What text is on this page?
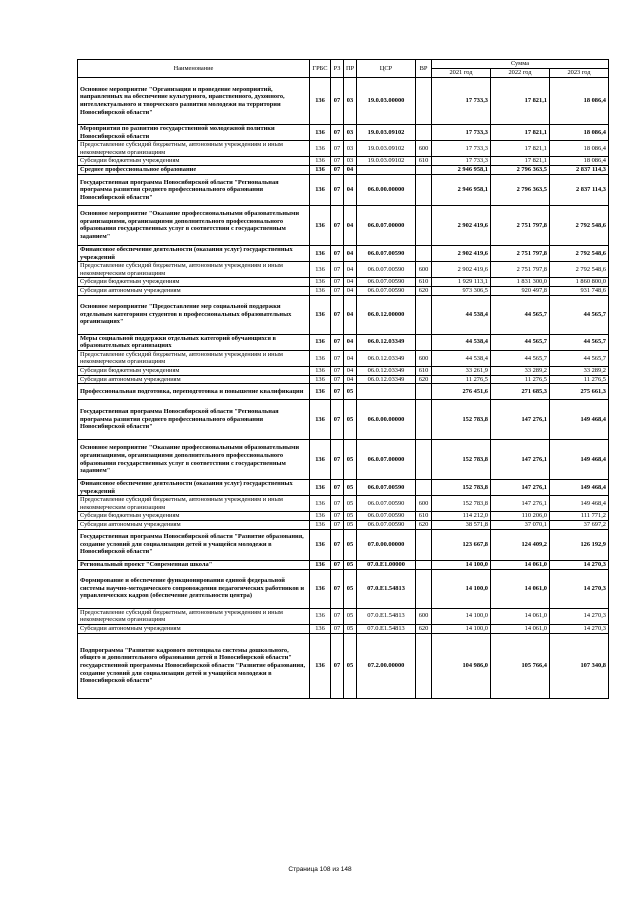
Наименование	ГРБС	РЗ	ПР	ЦСР	ВР	Сумма		
						2021 год	2022 год	2023 год
Основное мероприятие "Организация и проведение мероприятий, направленных на обеспечение культурного, нравственного, духовного, интеллектуального и творческого развития молодежи на территории Новосибирской области"	136	07	03	19.0.03.00000		17 733,3	17 821,1	18 086,4
Мероприятия по развитию государственной молодежной политики Новосибирской области	136	07	03	19.0.03.09102		17 733,3	17 821,1	18 086,4
Предоставление субсидий бюджетным, автономным учреждениям и иным некоммерческим организациям	136	07	03	19.0.03.09102	600	17 733,3	17 821,1	18 086,4
Субсидии бюджетным учреждениям	136	07	03	19.0.03.09102	610	17 733,3	17 821,1	18 086,4
Среднее профессиональное образование	136	07	04			2 946 958,1	2 796 363,5	2 837 114,3
Государственная программа Новосибирской области "Региональная программа развития среднего профессионального образования Новосибирской области"	136	07	04	06.0.00.00000		2 946 958,1	2 796 363,5	2 837 114,3
Основное мероприятие "Оказание профессиональными образовательными организациями, организациями дополнительного профессионального образования государственных услуг в соответствии с государственным заданием"	136	07	04	06.0.07.00000		2 902 419,6	2 751 797,8	2 792 548,6
Финансовое обеспечение деятельности (оказания услуг) государственных учреждений	136	07	04	06.0.07.00590		2 902 419,6	2 751 797,8	2 792 548,6
Предоставление субсидий бюджетным, автономным учреждениям и иным некоммерческим организациям	136	07	04	06.0.07.00590	600	2 902 419,6	2 751 797,8	2 792 548,6
Субсидии бюджетным учреждениям	136	07	04	06.0.07.00590	610	1 929 113,1	1 831 300,0	1 860 800,0
Субсидии автономным учреждениям	136	07	04	06.0.07.00590	620	973 306,5	920 497,8	931 748,6
Основное мероприятие "Предоставление мер социальной поддержки отдельным категориям студентов в профессиональных образовательных организациях"	136	07	04	06.0.12.00000		44 538,4	44 565,7	44 565,7
Меры социальной поддержки отдельных категорий обучающихся в образовательных организациях	136	07	04	06.0.12.03349		44 538,4	44 565,7	44 565,7
Предоставление субсидий бюджетным, автономным учреждениям и иным некоммерческим организациям	136	07	04	06.0.12.03349	600	44 538,4	44 565,7	44 565,7
Субсидии бюджетным учреждениям	136	07	04	06.0.12.03349	610	33 261,9	33 289,2	33 289,2
Субсидии автономным учреждениям	136	07	04	06.0.12.03349	620	11 276,5	11 276,5	11 276,5
Профессиональная подготовка, переподготовка и повышение квалификации	136	07	05			276 451,6	271 685,3	275 661,3
Государственная программа Новосибирской области "Региональная программа развития среднего профессионального образования Новосибирской области"	136	07	05	06.0.00.00000		152 783,8	147 276,1	149 468,4
Основное мероприятие "Оказание профессиональными образовательными организациями, организациями дополнительного профессионального образования государственных услуг в соответствии с государственным заданием"	136	07	05	06.0.07.00000		152 783,8	147 276,1	149 468,4
Финансовое обеспечение деятельности (оказания услуг) государственных учреждений	136	07	05	06.0.07.00590		152 783,8	147 276,1	149 468,4
Предоставление субсидий бюджетным, автономным учреждениям и иным некоммерческим организациям	136	07	05	06.0.07.00590	600	152 783,8	147 276,1	149 468,4
Субсидии бюджетным учреждениям	136	07	05	06.0.07.00590	610	114 212,0	110 206,0	111 771,2
Субсидии автономным учреждениям	136	07	05	06.0.07.00590	620	38 571,8	37 070,1	37 697,2
Государственная программа Новосибирской области "Развитие образования, создание условий для социализации детей и учащейся молодежи в Новосибирской области"	136	07	05	07.0.00.00000		123 667,8	124 409,2	126 192,9
Региональный проект "Современная школа"	136	07	05	07.0.E1.00000		14 100,0	14 061,0	14 270,3
Формирование и обеспечение функционирования единой федеральной системы научно-методического сопровождения педагогических работников и управленческих кадров (обеспечение деятельности центра)	136	07	05	07.0.E1.54813		14 100,0	14 061,0	14 270,3
Предоставление субсидий бюджетным, автономным учреждениям и иным некоммерческим организациям	136	07	05	07.0.E1.54813	600	14 100,0	14 061,0	14 270,3
Субсидии автономным учреждениям	136	07	05	07.0.E1.54813	620	14 100,0	14 061,0	14 270,3
Подпрограмма "Развитие кадрового потенциала системы дошкольного, общего и дополнительного образования детей в Новосибирской области" государственной программы Новосибирской области "Развитие образования, создание условий для социализации детей и учащейся молодежи в Новосибирской области"	136	07	05	07.2.00.00000		104 986,0	105 766,4	107 340,8
Страница 108 из 148
